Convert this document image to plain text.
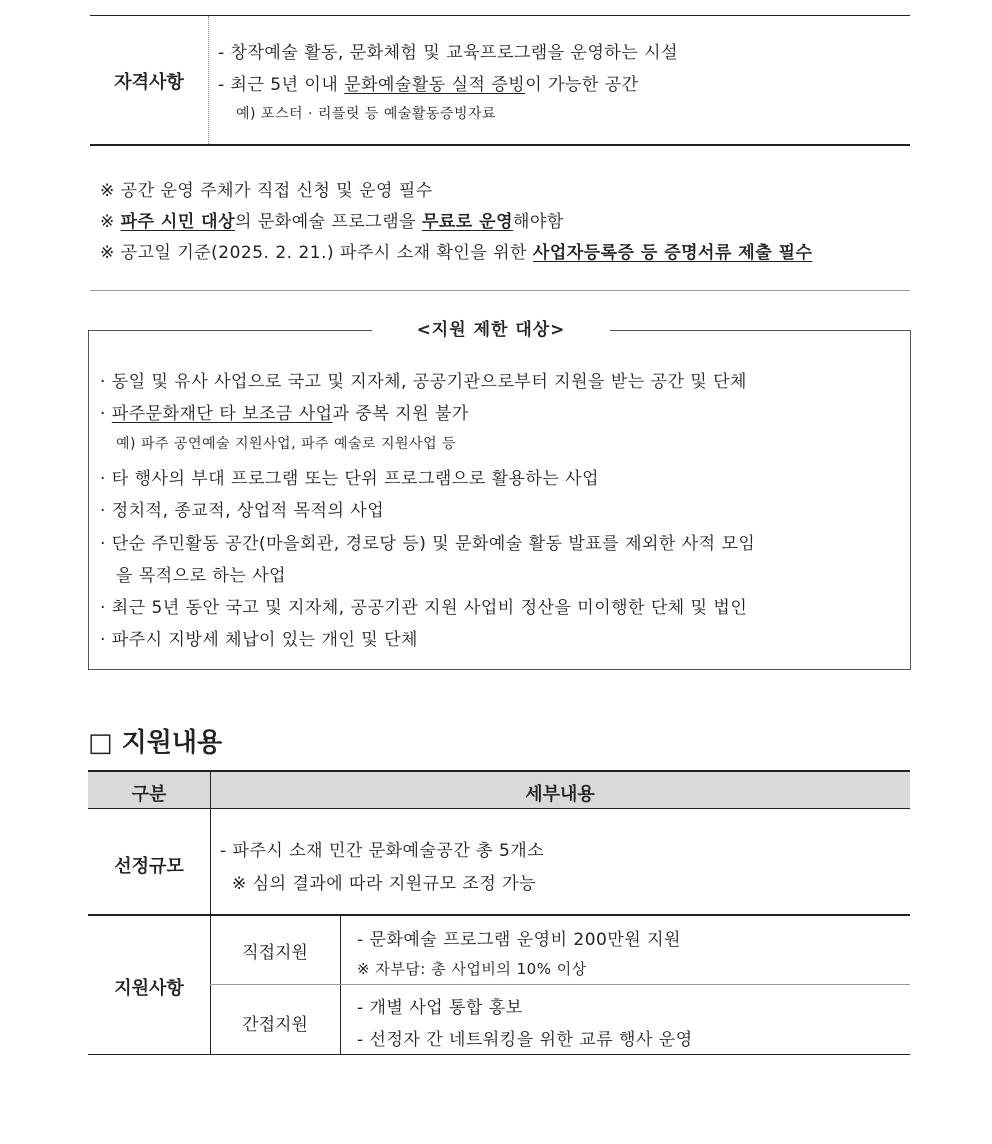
자격사항
- 창작예술 활동, 문화체험 및 교육프로그램을 운영하는 시설
- 최근 5년 이내 문화예술활동 실적 증빙이 가능한 공간
예) 포스터 · 리플릿 등 예술활동증빙자료
※ 공간 운영 주체가 직접 신청 및 운영 필수
※ 파주 시민 대상의 문화예술 프로그램을 무료로 운영해야함
※ 공고일 기준(2025. 2. 21.) 파주시 소재 확인을 위한 사업자등록증 등 증명서류 제출 필수
<지원 제한 대상>
· 동일 및 유사 사업으로 국고 및 지자체, 공공기관으로부터 지원을 받는 공간 및 단체
· 파주문화재단 타 보조금 사업과 중복 지원 불가
예) 파주 공연예술 지원사업, 파주 예술로 지원사업 등
· 타 행사의 부대 프로그램 또는 단위 프로그램으로 활용하는 사업
· 정치적, 종교적, 상업적 목적의 사업
· 단순 주민활동 공간(마을회관, 경로당 등) 및 문화예술 활동 발표를 제외한 사적 모임
을 목적으로 하는 사업
· 최근 5년 동안 국고 및 지자체, 공공기관 지원 사업비 정산을 미이행한 단체 및 법인
· 파주시 지방세 체납이 있는 개인 및 단체
□ 지원내용
구분	세부내용
선정규모
- 파주시 소재 민간 문화예술공간 총 5개소
※ 심의 결과에 따라 지원규모 조정 가능
지원사항
직접지원
- 문화예술 프로그램 운영비 200만원 지원
※ 자부담: 총 사업비의 10% 이상
간접지원
- 개별 사업 통합 홍보
- 선정자 간 네트워킹을 위한 교류 행사 운영
